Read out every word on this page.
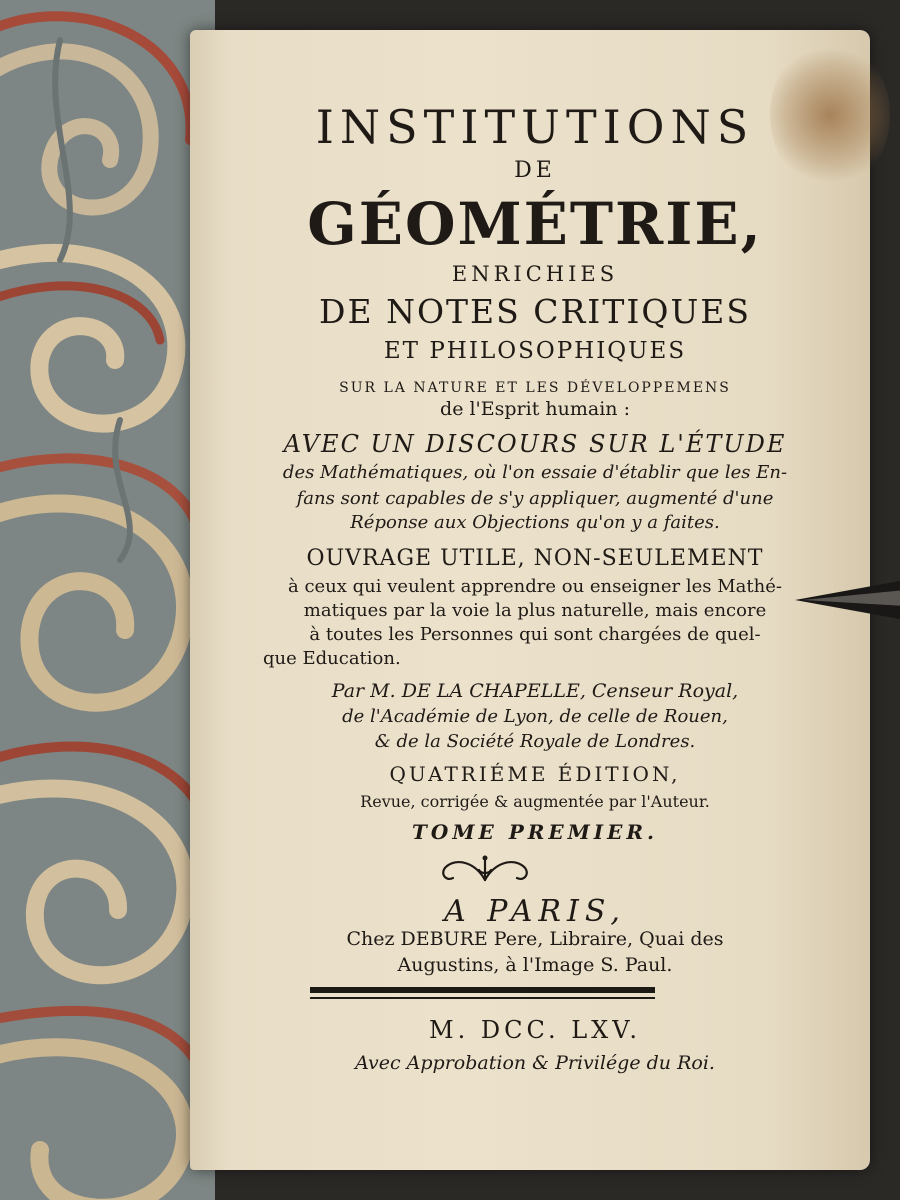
INSTITUTIONS
DE
GÉOMÉTRIE,
ENRICHIES
DE NOTES CRITIQUES
ET PHILOSOPHIQUES
SUR LA NATURE ET LES DÉVELOPPEMENS
de l'Esprit humain :
AVEC UN DISCOURS SUR L'ÉTUDE
des Mathématiques, où l'on essaie d'établir que les En-
fans sont capables de s'y appliquer, augmenté d'une
Réponse aux Objections qu'on y a faites.
OUVRAGE UTILE, NON-SEULEMENT
à ceux qui veulent apprendre ou enseigner les Mathé-
matiques par la voie la plus naturelle, mais encore
à toutes les Personnes qui sont chargées de quel-
que Education.
Par M. DE LA CHAPELLE, Censeur Royal,
de l'Académie de Lyon, de celle de Rouen,
& de la Société Royale de Londres.
QUATRIÉME ÉDITION,
Revue, corrigée & augmentée par l'Auteur.
TOME PREMIER.
A PARIS,
Chez DEBURE Pere, Libraire, Quai des
Augustins, à l'Image S. Paul.
M. DCC. LXV.
Avec Approbation & Privilége du Roi.
